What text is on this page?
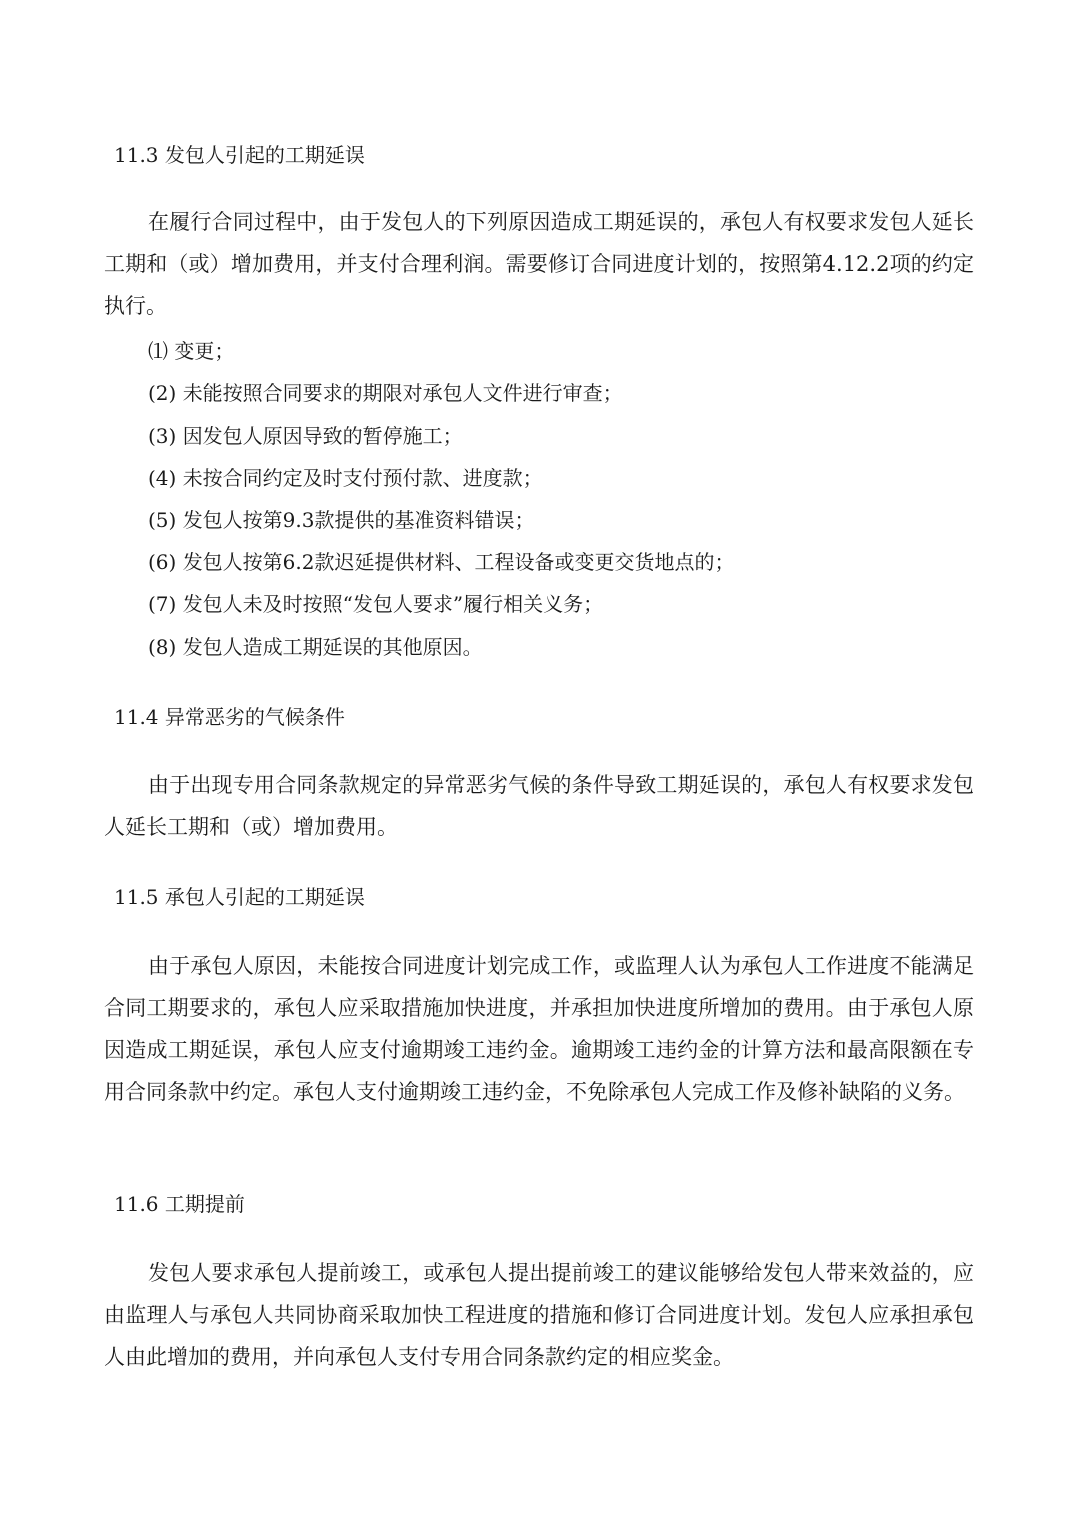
11.3 发包人引起的工期延误
在履行合同过程中，由于发包人的下列原因造成工期延误的，承包人有权要求发包人延长工期和（或）增加费用，并支付合理利润。需要修订合同进度计划的，按照第4.12.2项的约定执行。
⑴ 变更；
(2) 未能按照合同要求的期限对承包人文件进行审查；
(3) 因发包人原因导致的暂停施工；
(4) 未按合同约定及时支付预付款、进度款；
(5) 发包人按第9.3款提供的基准资料错误；
(6) 发包人按第6.2款迟延提供材料、工程设备或变更交货地点的；
(7) 发包人未及时按照“发包人要求”履行相关义务；
(8) 发包人造成工期延误的其他原因。
11.4 异常恶劣的气候条件
由于出现专用合同条款规定的异常恶劣气候的条件导致工期延误的，承包人有权要求发包人延长工期和（或）增加费用。
11.5 承包人引起的工期延误
由于承包人原因，未能按合同进度计划完成工作，或监理人认为承包人工作进度不能满足合同工期要求的，承包人应采取措施加快进度，并承担加快进度所增加的费用。由于承包人原因造成工期延误，承包人应支付逾期竣工违约金。逾期竣工违约金的计算方法和最高限额在专用合同条款中约定。承包人支付逾期竣工违约金，不免除承包人完成工作及修补缺陷的义务。
11.6 工期提前
发包人要求承包人提前竣工，或承包人提出提前竣工的建议能够给发包人带来效益的，应由监理人与承包人共同协商采取加快工程进度的措施和修订合同进度计划。发包人应承担承包人由此增加的费用，并向承包人支付专用合同条款约定的相应奖金。
